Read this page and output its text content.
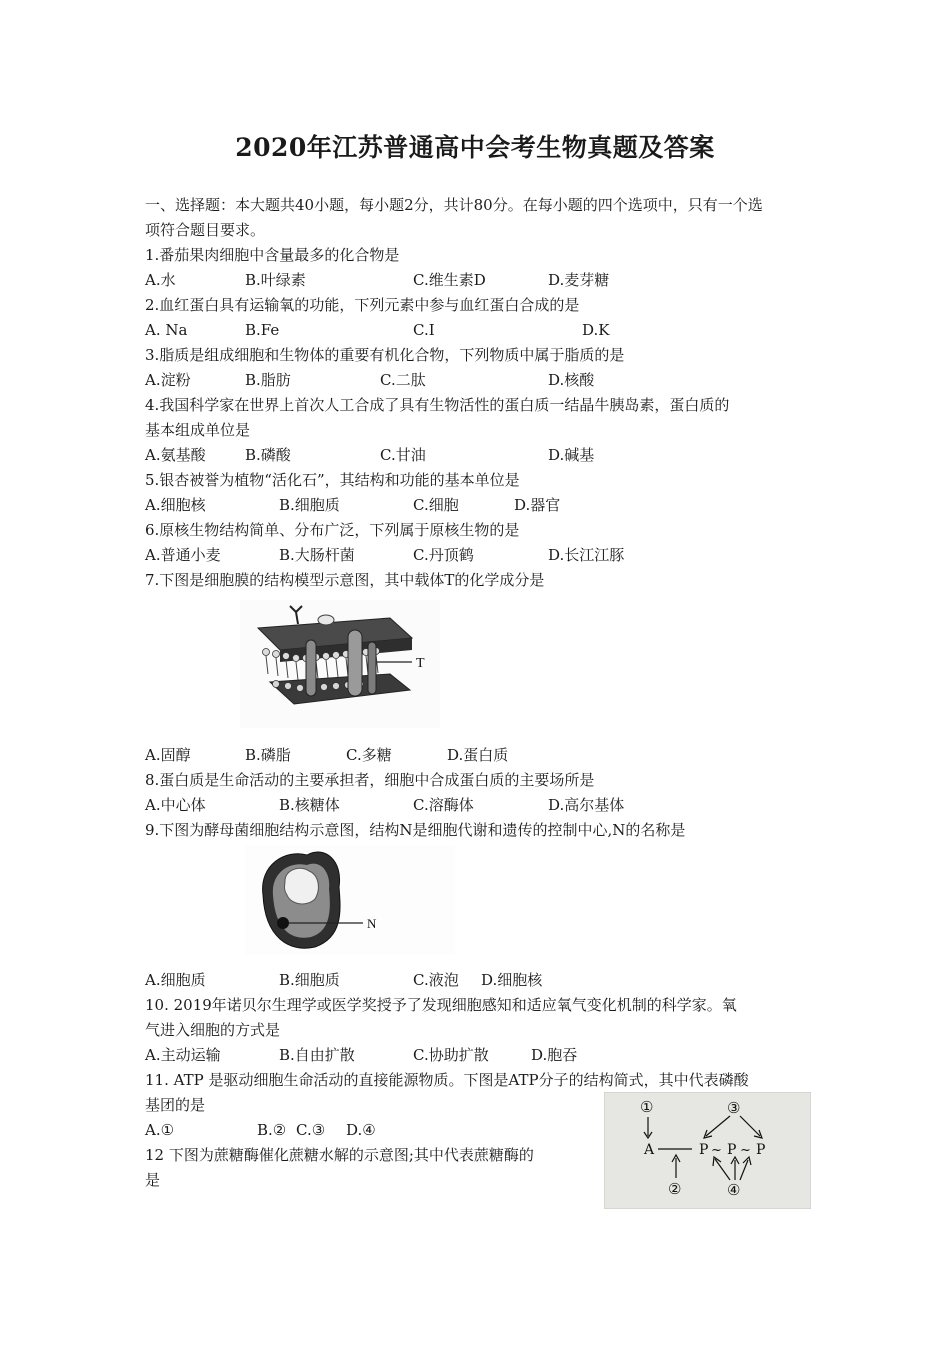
2020年江苏普通高中会考生物真题及答案
一、选择题：本大题共40小题，每小题2分，共计80分。在每小题的四个选项中，只有一个选
项符合题目要求。
1.番茄果肉细胞中含量最多的化合物是
A.水	B.叶绿素	C.维生素D	D.麦芽糖
2.血红蛋白具有运输氧的功能，下列元素中参与血红蛋白合成的是
A. Na	B.Fe	C.I	D.K
3.脂质是组成细胞和生物体的重要有机化合物，下列物质中属于脂质的是
A.淀粉	B.脂肪	C.二肽	D.核酸
4.我国科学家在世界上首次人工合成了具有生物活性的蛋白质一结晶牛胰岛素，蛋白质的
基本组成单位是
A.氨基酸	B.磷酸	C.甘油	D.碱基
5.银杏被誉为植物“活化石”，其结构和功能的基本单位是
A.细胞核	B.细胞质	C.细胞	D.器官
6.原核生物结构简单、分布广泛，下列属于原核生物的是
A.普通小麦	B.大肠杆菌	C.丹顶鹤	D.长江江豚
7.下图是细胞膜的结构模型示意图，其中载体T的化学成分是
T
A.固醇	B.磷脂	C.多糖	D.蛋白质
8.蛋白质是生命活动的主要承担者，细胞中合成蛋白质的主要场所是
A.中心体	B.核糖体	C.溶酶体	D.高尔基体
9.下图为酵母菌细胞结构示意图，结构N是细胞代谢和遗传的控制中心,N的名称是
N
A.细胞质	B.细胞质	C.液泡 D.细胞核
10. 2019年诺贝尔生理学或医学奖授予了发现细胞感知和适应氧气变化机制的科学家。氧
气进入细胞的方式是
A.主动运输	B.自由扩散	C.协助扩散	D.胞吞
11. ATP 是驱动细胞生命活动的直接能源物质。下图是ATP分子的结构简式，其中代表磷酸
基团的是
A.①	B.② C.③ D.④
12 下图为蔗糖酶催化蔗糖水解的示意图;其中代表蔗糖酶的
是
①	③
②	④
A	P ~ P ~ P
